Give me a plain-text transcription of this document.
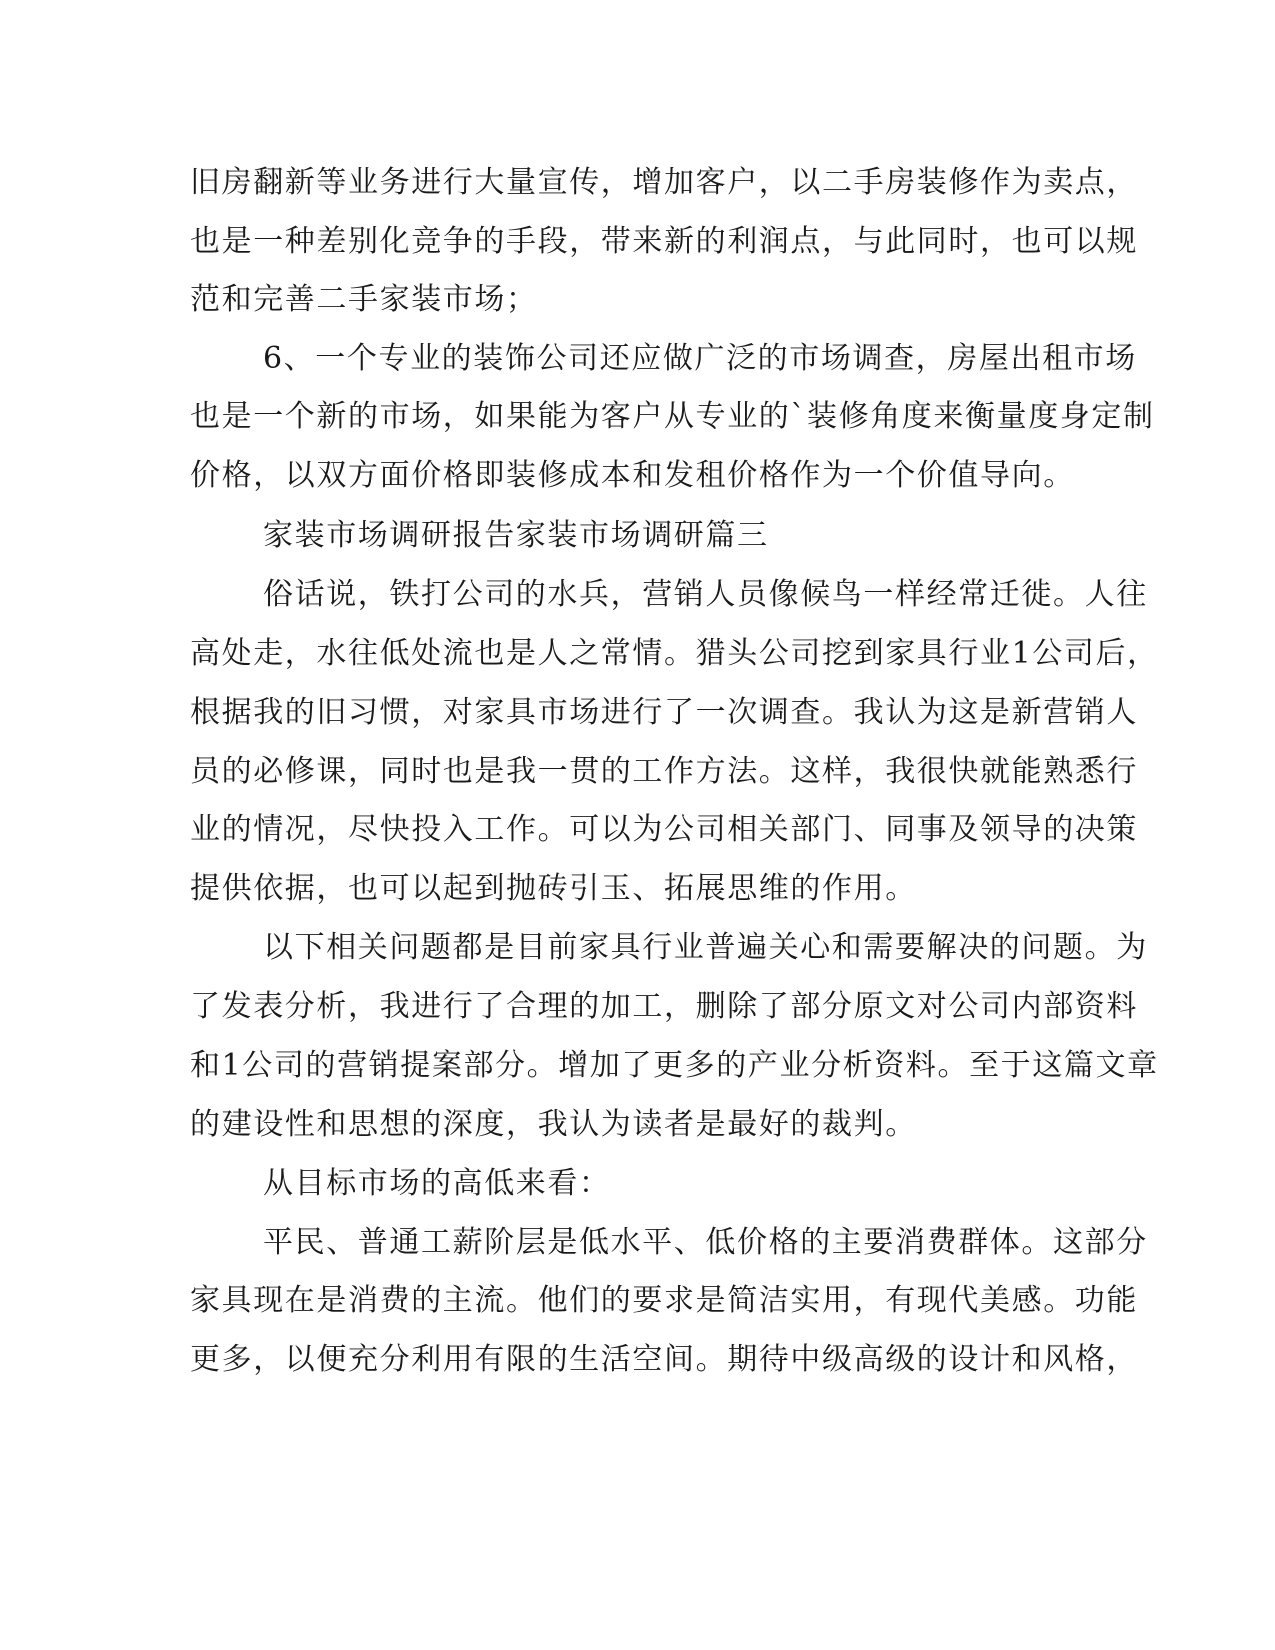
旧房翻新等业务进行大量宣传，增加客户，以二手房装修作为卖点，

也是一种差别化竞争的手段，带来新的利润点，与此同时，也可以规

范和完善二手家装市场；

6、一个专业的装饰公司还应做广泛的市场调查，房屋出租市场

也是一个新的市场，如果能为客户从专业的`装修角度来衡量度身定制

价格，以双方面价格即装修成本和发租价格作为一个价值导向。

家装市场调研报告家装市场调研篇三

俗话说，铁打公司的水兵，营销人员像候鸟一样经常迁徙。人往

高处走，水往低处流也是人之常情。猎头公司挖到家具行业1公司后，

根据我的旧习惯，对家具市场进行了一次调查。我认为这是新营销人

员的必修课，同时也是我一贯的工作方法。这样，我很快就能熟悉行

业的情况，尽快投入工作。可以为公司相关部门、同事及领导的决策

提供依据，也可以起到抛砖引玉、拓展思维的作用。

以下相关问题都是目前家具行业普遍关心和需要解决的问题。为

了发表分析，我进行了合理的加工，删除了部分原文对公司内部资料

和1公司的营销提案部分。增加了更多的产业分析资料。至于这篇文章

的建设性和思想的深度，我认为读者是最好的裁判。

从目标市场的高低来看：

平民、普通工薪阶层是低水平、低价格的主要消费群体。这部分

家具现在是消费的主流。他们的要求是简洁实用，有现代美感。功能

更多，以便充分利用有限的生活空间。期待中级高级的设计和风格，
